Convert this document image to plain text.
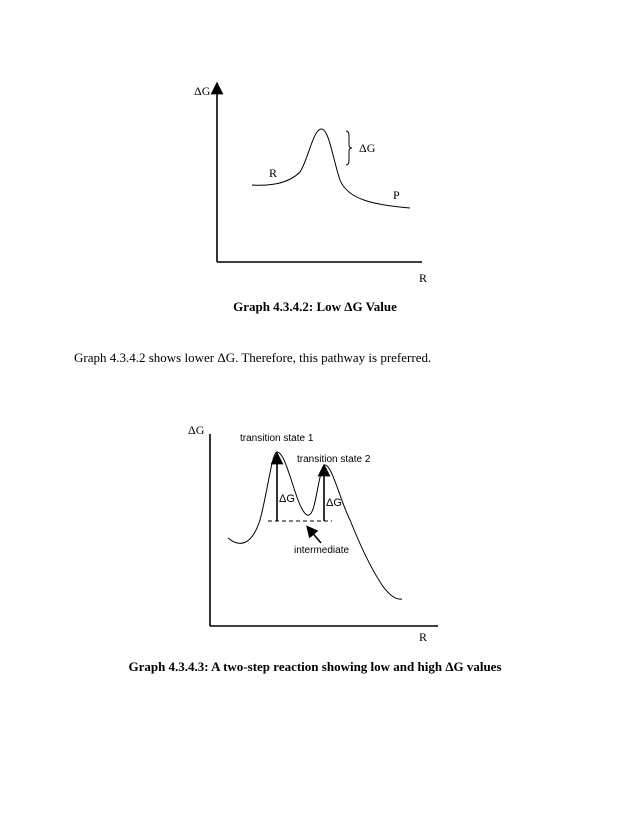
ΔG
ΔG
R
P
R
ΔG
transition state 1
transition state 2
ΔG	ΔG
intermediate
R
Graph 4.3.4.2: Low ΔG Value
Graph 4.3.4.2 shows lower ΔG. Therefore, this pathway is preferred.
Graph 4.3.4.3: A two-step reaction showing low and high ΔG values
